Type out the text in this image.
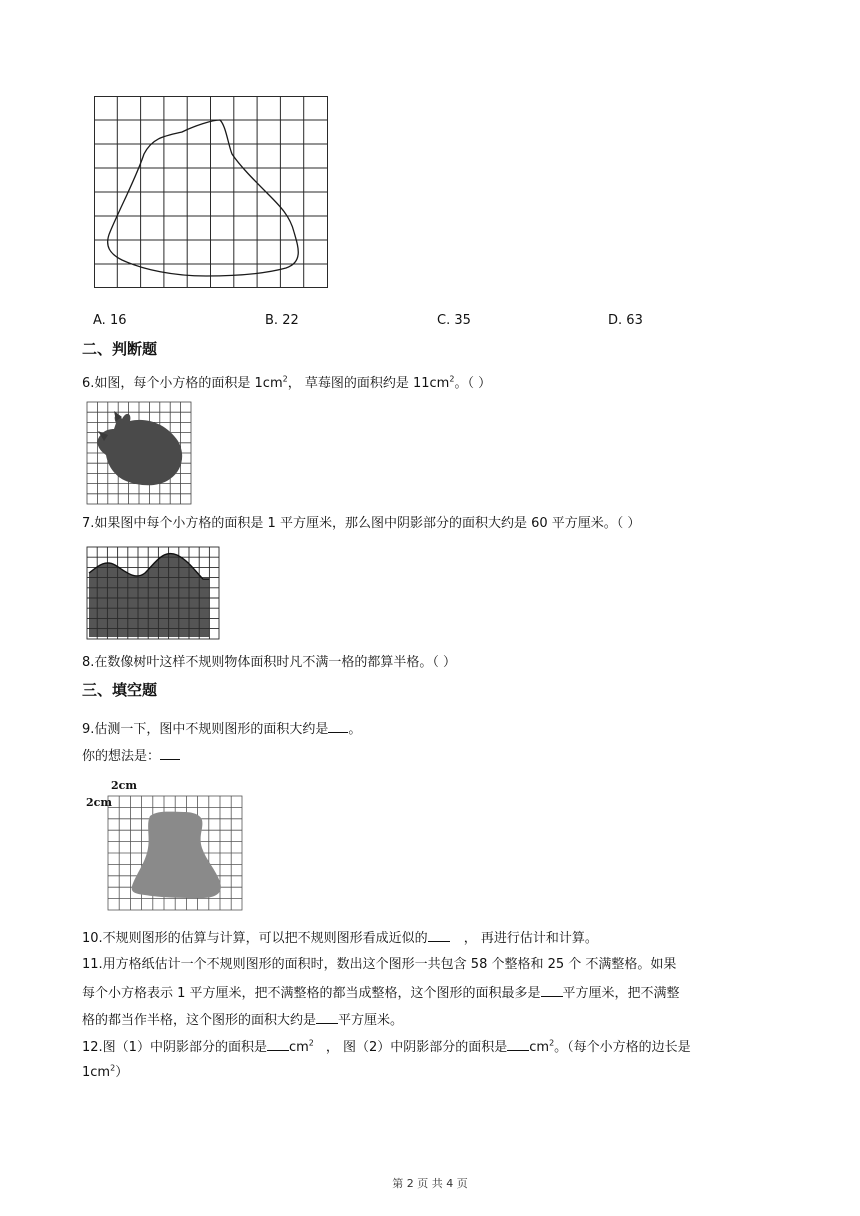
A. 16	B. 22	C. 35	D. 63
二、判断题
6.如图，每个小方格的面积是 $1cm^2$， 草莓图的面积约是 $11cm^2$。（ ）
7.如果图中每个小方格的面积是 1 平方厘米，那么图中阴影部分的面积大约是 60 平方厘米。（ ）
8.在数像树叶这样不规则物体面积时凡不满一格的都算半格。（ ）
三、填空题
9.估测一下，图中不规则图形的面积大约是 。
你的想法是：
2cm
2cm
10.不规则图形的估算与计算，可以把不规则图形看成近似的	， 再进行估计和计算。
11.用方格纸估计一个不规则图形的面积时，数出这个图形一共包含 58 个整格和 25 个 不满整格。如果
每个小方格表示 1 平方厘米，把不满整格的都当成整格，这个图形的面积最多是 平方厘米，把不满整
格的都当作半格，这个图形的面积大约是 平方厘米。
12.图（1）中阴影部分的面积是 $cm^2$ ， 图（2）中阴影部分的面积是 $cm^2$。（每个小方格的边长是
$1cm^2$）
第 2 页 共 4 页
